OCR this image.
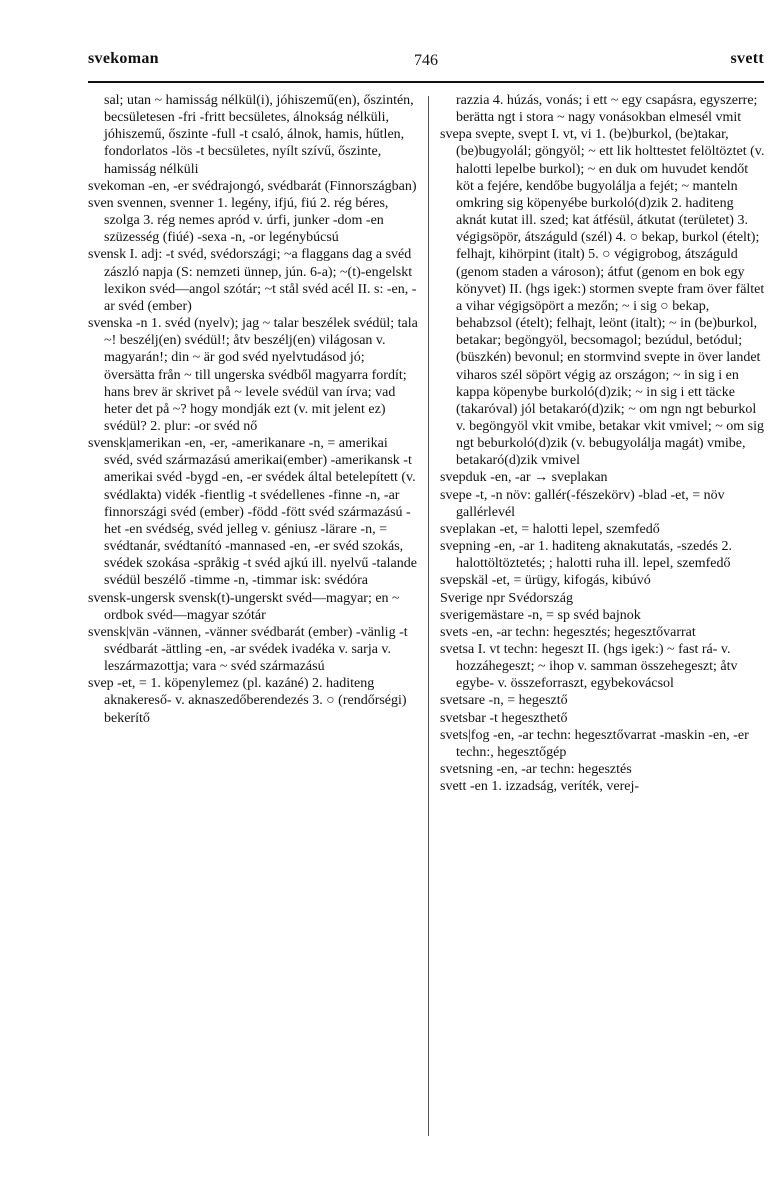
svekoman	746	svett

sal; utan ~ hamisság nélkül(i), jóhiszemű(en), őszintén, becsületesen -fri -fritt becsületes, álnokság nélküli, jóhiszemű, őszinte -full -t csaló, álnok, hamis, hűtlen, fondorlatos -lös -t becsületes, nyílt szívű, őszinte, hamisság nélküli

svekoman -en, -er svédrajongó, svédbarát (Finnországban)

sven svennen, svenner 1. legény, ifjú, fiú 2. rég béres, szolga 3. rég nemes apród v. úrfi, junker -dom -en szüzesség (fiúé) -sexa -n, -or legénybúcsú

svensk I. adj: -t svéd, svédországi; ~a flaggans dag a svéd zászló napja (S: nemzeti ünnep, jún. 6-a); ~(t)-engelskt lexikon svéd—angol szótár; ~t stål svéd acél II. s: -en, -ar svéd (ember)

svenska -n 1. svéd (nyelv); jag ~ talar beszélek svédül; tala ~! beszélj(en) svédül!; åtv beszélj(en) világosan v. magyarán!; din ~ är god svéd nyelvtudásod jó; översätta från ~ till ungerska svédből magyarra fordít; hans brev är skrivet på ~ levele svédül van írva; vad heter det på ~? hogy mondják ezt (v. mit jelent ez) svédül? 2. plur: -or svéd nő

svensk|amerikan -en, -er, -amerikanare -n, = amerikai svéd, svéd származású amerikai(ember) -amerikansk -t amerikai svéd -bygd -en, -er svédek által betelepített (v. svédlakta) vidék -fientlig -t svédellenes -finne -n, -ar finnországi svéd (ember) -född -fött svéd származású -het -en svédség, svéd jelleg v. géniusz -lärare -n, = svédtanár, svédtanító -mannased -en, -er svéd szokás, svédek szokása -språkig -t svéd ajkú ill. nyelvű -talande svédül beszélő -timme -n, -timmar isk: svédóra

svensk-ungersk svensk(t)-ungerskt svéd—magyar; en ~ ordbok svéd—magyar szótár

svensk|vän -vännen, -vänner svédbarát (ember) -vänlig -t svédbarát -ättling -en, -ar svédek ivadéka v. sarja v. leszármazottja; vara ~ svéd származású

svep -et, = 1. köpenylemez (pl. kazáné) 2. haditeng aknakereső- v. aknaszedőberendezés 3. ○ (rendőrségi) bekerítő

razzia 4. húzás, vonás; i ett ~ egy csapásra, egyszerre; berätta ngt i stora ~ nagy vonásokban elmesél vmit

svepa svepte, svept I. vt, vi 1. (be)burkol, (be)takar, (be)bugyolál; göngyöl; ~ ett lik holttestet felöltöztet (v. halotti lepelbe burkol); ~ en duk om huvudet kendőt köt a fejére, kendőbe bugyolálja a fejét; ~ manteln omkring sig köpenyébe burkoló(d)zik 2. haditeng aknát kutat ill. szed; kat átfésül, átkutat (területet) 3. végigsöpör, átszáguld (szél) 4. ○ bekap, burkol (ételt); felhajt, kihörpint (italt) 5. ○ végigrobog, átszáguld (genom staden a városon); átfut (genom en bok egy könyvet) II. (hgs igek:) stormen svepte fram över fältet a vihar végigsöpört a mezőn; ~ i sig ○ bekap, behabzsol (ételt); felhajt, leönt (italt); ~ in (be)burkol, betakar; begöngyöl, becsomagol; bezúdul, betódul; (büszkén) bevonul; en stormvind svepte in över landet viharos szél söpört végig az országon; ~ in sig i en kappa köpenybe burkoló(d)zik; ~ in sig i ett täcke (takaróval) jól betakaró(d)zik; ~ om ngn ngt beburkol v. begöngyöl vkit vmibe, betakar vkit vmivel; ~ om sig ngt beburkoló(d)zik (v. bebugyolálja magát) vmibe, betakaró(d)zik vmivel

svepduk -en, -ar → sveplakan

svepe -t, -n növ: gallér(-fészekörv) -blad -et, = növ gallérlevél

sveplakan -et, = halotti lepel, szemfedő

svepning -en, -ar 1. haditeng aknakutatás, -szedés 2. halottöltöztetés; ; halotti ruha ill. lepel, szemfedő

svepskäl -et, = ürügy, kifogás, kibúvó

Sverige npr Svédország

sverigemästare -n, = sp svéd bajnok

svets -en, -ar techn: hegesztés; hegesztővarrat

svetsa I. vt techn: hegeszt II. (hgs igek:) ~ fast rá- v. hozzáhegeszt; ~ ihop v. samman összehegeszt; åtv egybe- v. összeforraszt, egybekovácsol

svetsare -n, = hegesztő

svetsbar -t hegeszthető

svets|fog -en, -ar techn: hegesztővarrat -maskin -en, -er techn:, hegesztőgép

svetsning -en, -ar techn: hegesztés

svett -en 1. izzadság, veríték, verej-
